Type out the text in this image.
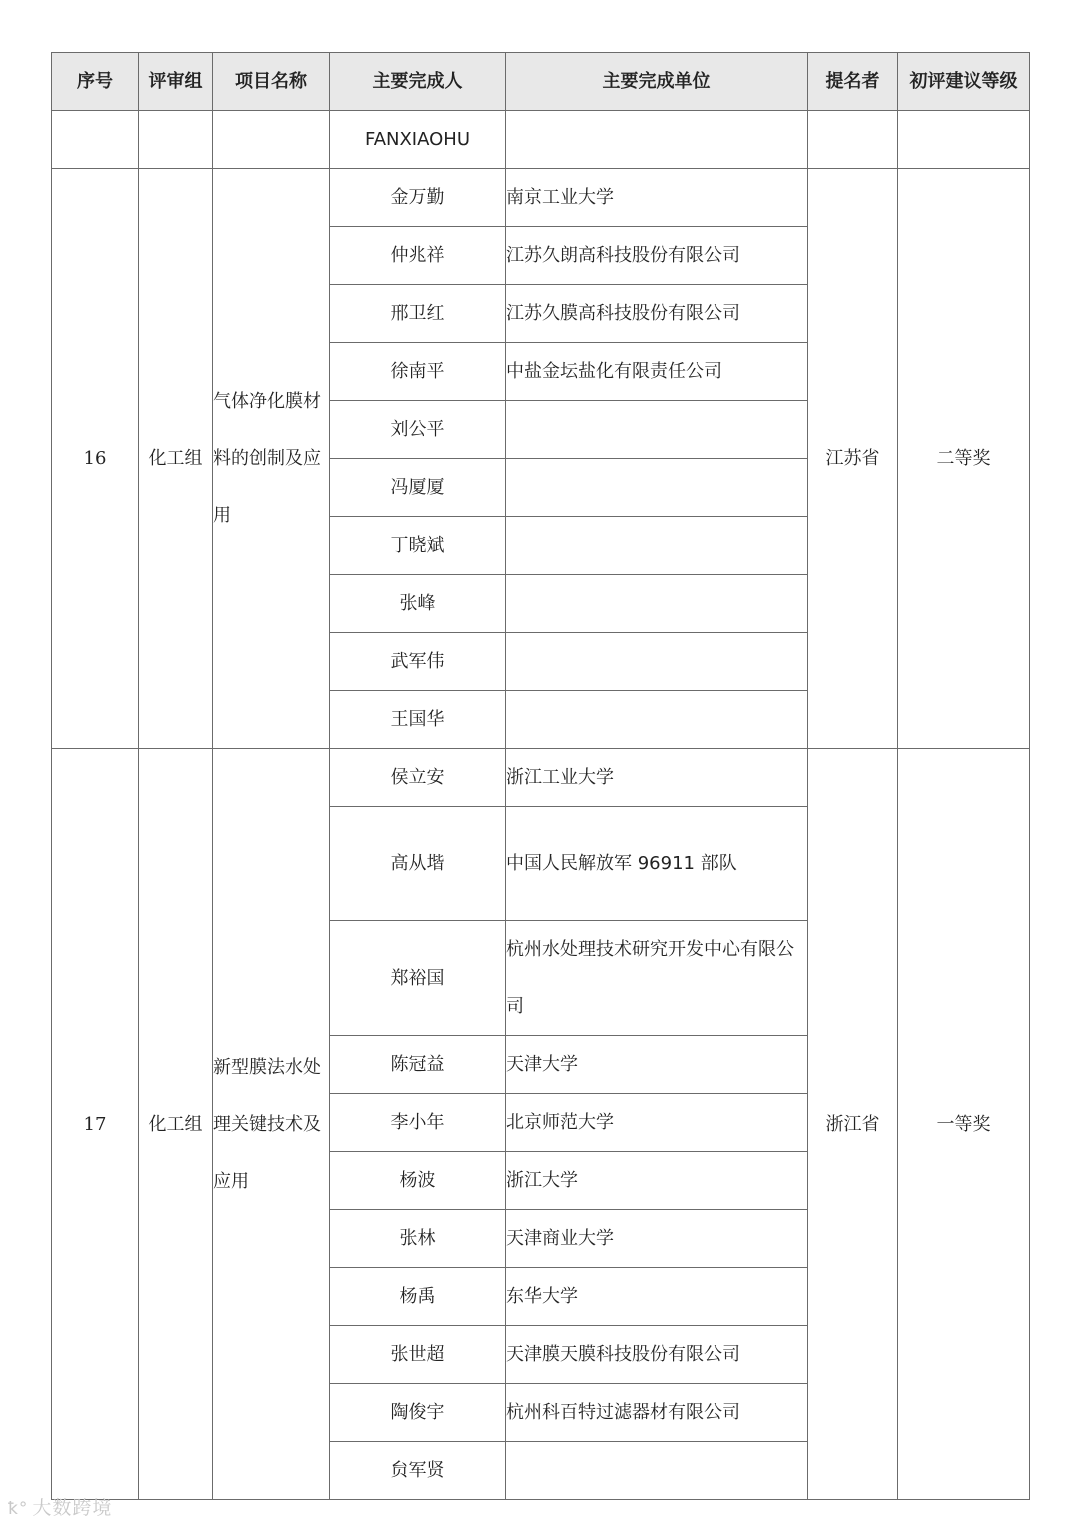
序号	评审组	项目名称	主要完成人	主要完成单位	提名者	初评建议等级
			FANXIAOHU			
16	化工组	气体净化膜材料的创制及应用	金万勤	南京工业大学	江苏省	二等奖
			仲兆祥	江苏久朗高科技股份有限公司		
			邢卫红	江苏久膜高科技股份有限公司		
			徐南平	中盐金坛盐化有限责任公司		
			刘公平			
			冯厦厦			
			丁晓斌			
			张峰			
			武军伟			
			王国华			
17	化工组	新型膜法水处理关键技术及应用	侯立安	浙江工业大学	浙江省	一等奖
			高从堦	中国人民解放军 96911 部队		
			郑裕国	杭州水处理技术研究开发中心有限公司		
			陈冠益	天津大学		
			李小年	北京师范大学		
			杨波	浙江大学		
			张林	天津商业大学		
			杨禹	东华大学		
			张世超	天津膜天膜科技股份有限公司		
			陶俊宇	杭州科百特过滤器材有限公司		
			贠军贤			
ꝁ° 大数跨境
